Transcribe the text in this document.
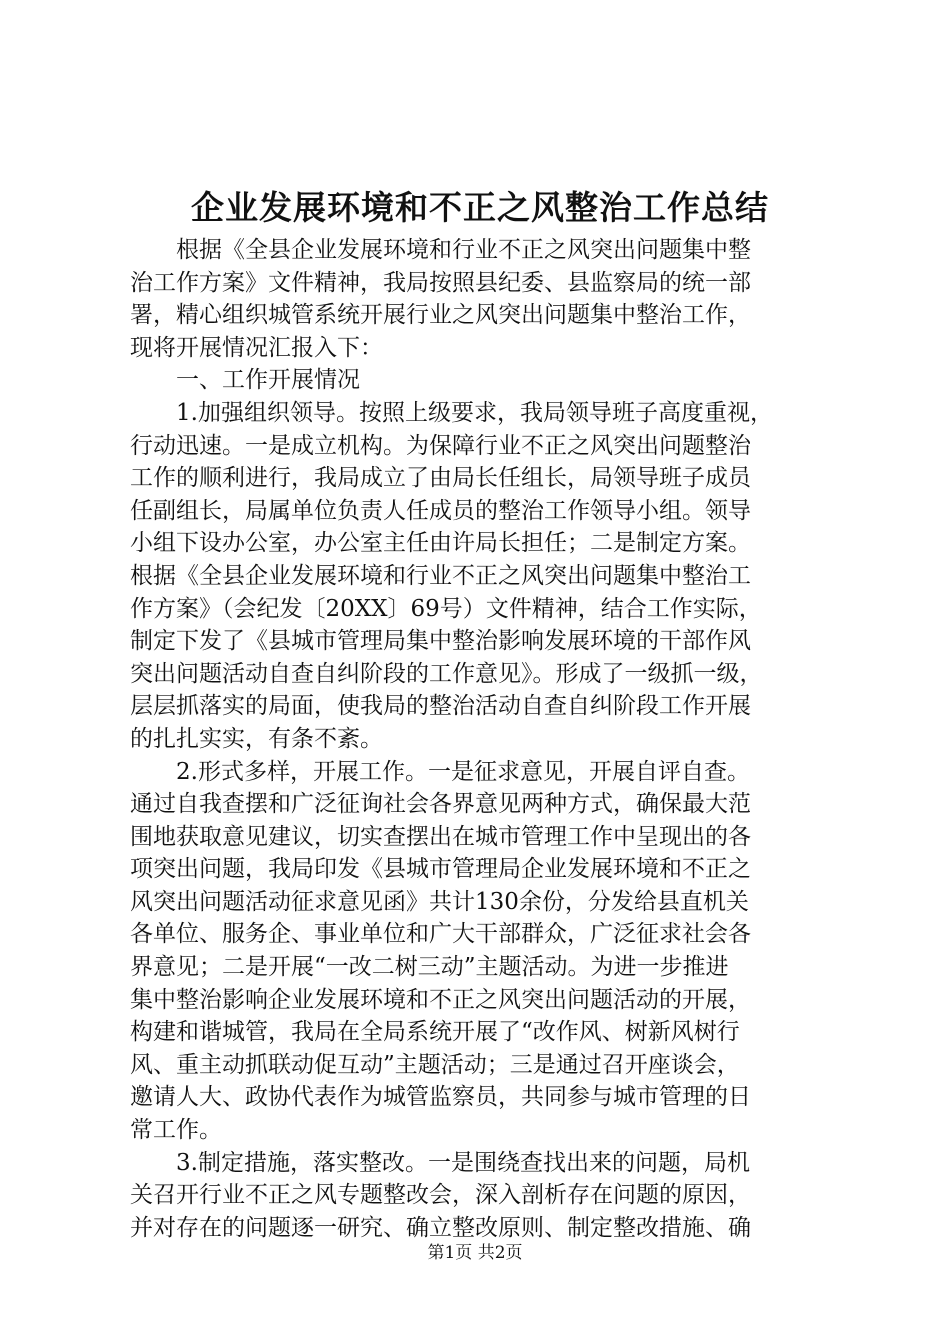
企业发展环境和不正之风整治工作总结
　　根据《全县企业发展环境和行业不正之风突出问题集中整
治工作方案》文件精神，我局按照县纪委、县监察局的统一部
署，精心组织城管系统开展行业之风突出问题集中整治工作，
现将开展情况汇报入下：
　　一、工作开展情况
　　1.加强组织领导。按照上级要求，我局领导班子高度重视，
行动迅速。一是成立机构。为保障行业不正之风突出问题整治
工作的顺利进行，我局成立了由局长任组长，局领导班子成员
任副组长，局属单位负责人任成员的整治工作领导小组。领导
小组下设办公室，办公室主任由许局长担任；二是制定方案。
根据《全县企业发展环境和行业不正之风突出问题集中整治工
作方案》（会纪发〔20XX〕69号）文件精神，结合工作实际，
制定下发了《县城市管理局集中整治影响发展环境的干部作风
突出问题活动自查自纠阶段的工作意见》。形成了一级抓一级，
层层抓落实的局面，使我局的整治活动自查自纠阶段工作开展
的扎扎实实，有条不紊。
　　2.形式多样，开展工作。一是征求意见，开展自评自查。
通过自我查摆和广泛征询社会各界意见两种方式，确保最大范
围地获取意见建议，切实查摆出在城市管理工作中呈现出的各
项突出问题，我局印发《县城市管理局企业发展环境和不正之
风突出问题活动征求意见函》共计130余份，分发给县直机关
各单位、服务企、事业单位和广大干部群众，广泛征求社会各
界意见；二是开展“一改二树三动”主题活动。为进一步推进
集中整治影响企业发展环境和不正之风突出问题活动的开展，
构建和谐城管，我局在全局系统开展了“改作风、树新风树行
风、重主动抓联动促互动”主题活动；三是通过召开座谈会，
邀请人大、政协代表作为城管监察员，共同参与城市管理的日
常工作。
　　3.制定措施，落实整改。一是围绕查找出来的问题，局机
关召开行业不正之风专题整改会，深入剖析存在问题的原因，
并对存在的问题逐一研究、确立整改原则、制定整改措施、确
第1页 共2页
